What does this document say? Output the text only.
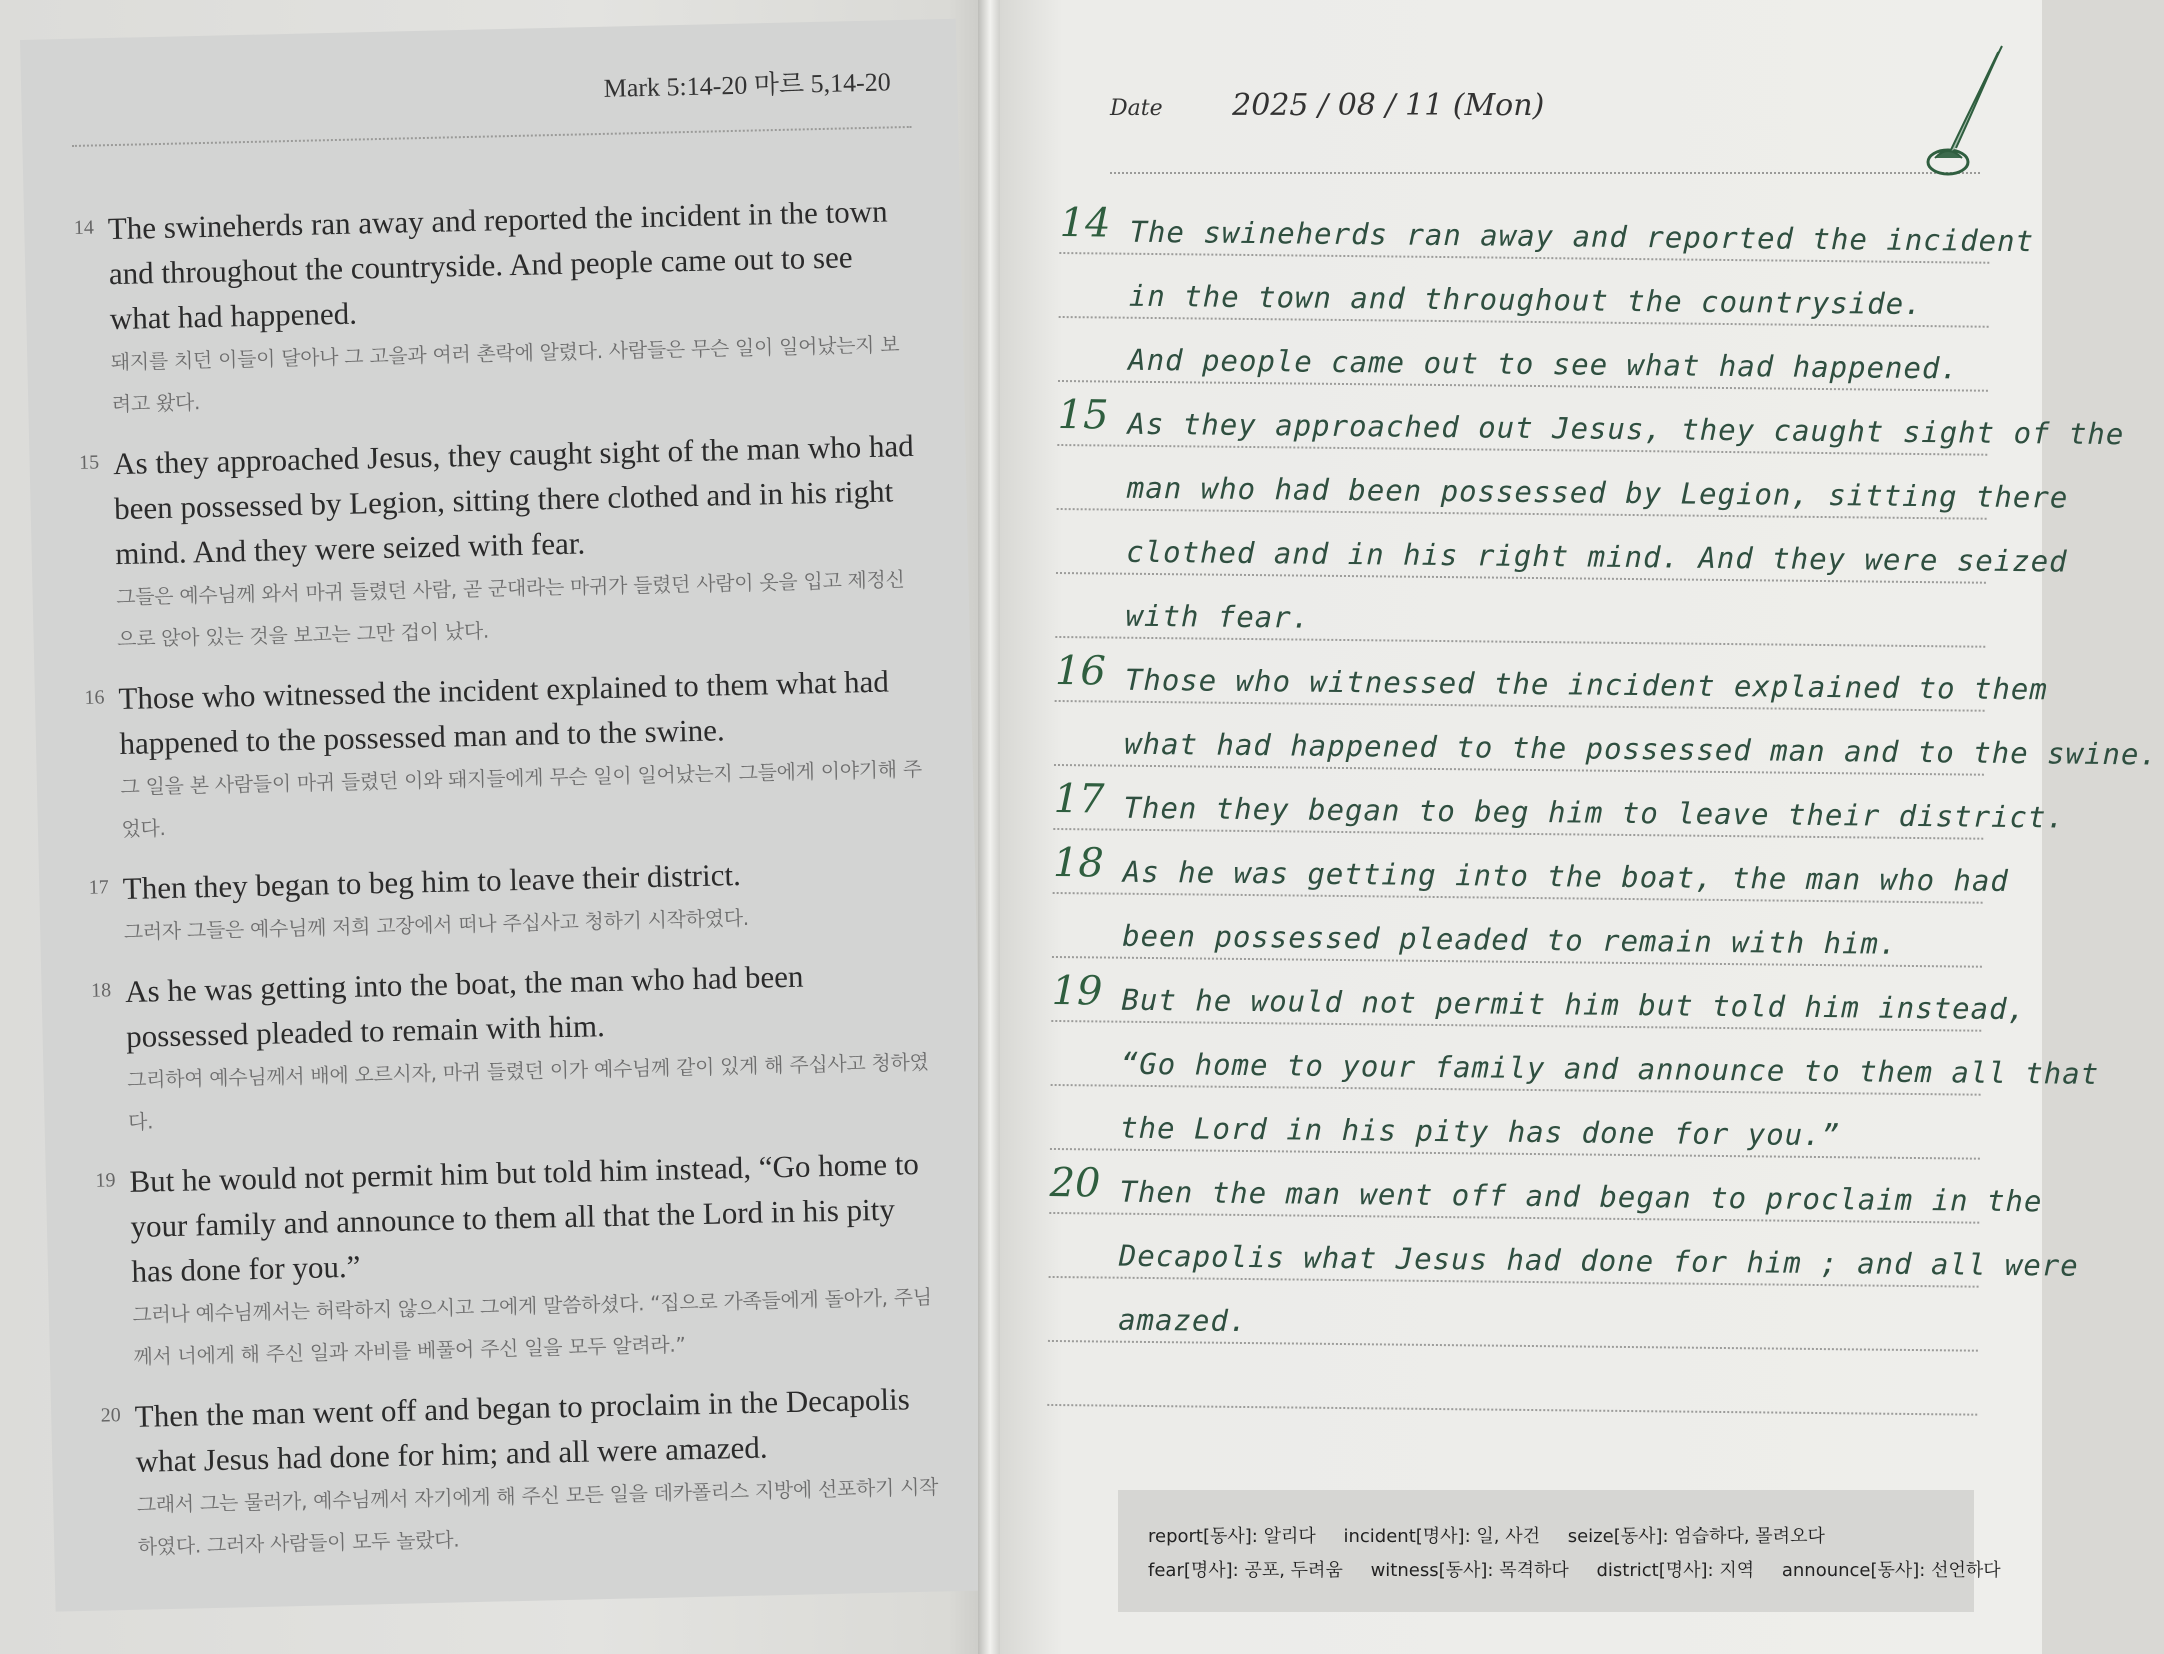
Mark 5:14-20 마르 5,14-20
14 The swineherds ran away and reported the incident in the town and throughout the countryside. And people came out to see what had happened.
돼지를 치던 이들이 달아나 그 고을과 여러 촌락에 알렸다. 사람들은 무슨 일이 일어났는지 보려고 왔다.
15 As they approached Jesus, they caught sight of the man who had been possessed by Legion, sitting there clothed and in his right mind. And they were seized with fear.
그들은 예수님께 와서 마귀 들렸던 사람, 곧 군대라는 마귀가 들렸던 사람이 옷을 입고 제정신으로 앉아 있는 것을 보고는 그만 겁이 났다.
16 Those who witnessed the incident explained to them what had happened to the possessed man and to the swine.
그 일을 본 사람들이 마귀 들렸던 이와 돼지들에게 무슨 일이 일어났는지 그들에게 이야기해 주었다.
17 Then they began to beg him to leave their district.
그러자 그들은 예수님께 저희 고장에서 떠나 주십사고 청하기 시작하였다.
18 As he was getting into the boat, the man who had been possessed pleaded to remain with him.
그리하여 예수님께서 배에 오르시자, 마귀 들렸던 이가 예수님께 같이 있게 해 주십사고 청하였다.
19 But he would not permit him but told him instead, “Go home to your family and announce to them all that the Lord in his pity has done for you.”
그러나 예수님께서는 허락하지 않으시고 그에게 말씀하셨다. “집으로 가족들에게 돌아가, 주님께서 너에게 해 주신 일과 자비를 베풀어 주신 일을 모두 알려라.”
20 Then the man went off and began to proclaim in the Decapolis what Jesus had done for him; and all were amazed.
그래서 그는 물러가, 예수님께서 자기에게 해 주신 모든 일을 데카폴리스 지방에 선포하기 시작하였다. 그러자 사람들이 모두 놀랐다.
Date 2025 / 08 / 11 (Mon)
14 The swineherds ran away and reported the incident
in the town and throughout the countryside.
And people came out to see what had happened.
15 As they approached out Jesus, they caught sight of the
man who had been possessed by Legion, sitting there
clothed and in his right mind. And they were seized
with fear.
16 Those who witnessed the incident explained to them
what had happened to the possessed man and to the swine.
17 Then they began to beg him to leave their district.
18 As he was getting into the boat, the man who had
been possessed pleaded to remain with him.
19 But he would not permit him but told him instead,
“Go home to your family and announce to them all that
the Lord in his pity has done for you.”
20 Then the man went off and began to proclaim in the
Decapolis what Jesus had done for him ; and all were
amazed.
report[동사]: 알리다 incident[명사]: 일, 사건 seize[동사]: 엄습하다, 몰려오다
fear[명사]: 공포, 두려움 witness[동사]: 목격하다 district[명사]: 지역 announce[동사]: 선언하다
